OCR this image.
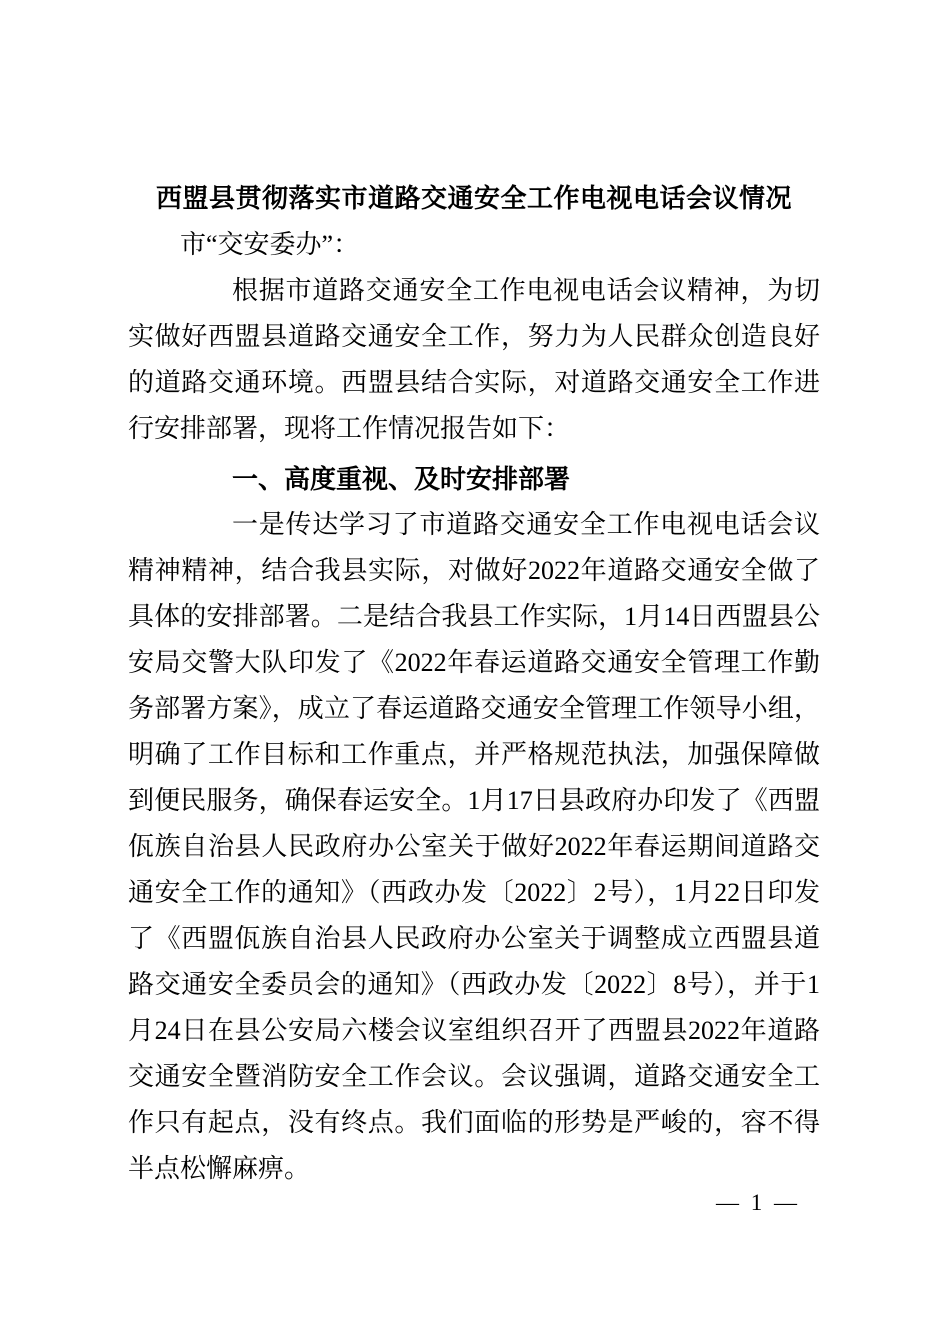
西盟县贯彻落实市道路交通安全工作电视电话会议情况

市“交安委办”：

根据市道路交通安全工作电视电话会议精神，为切实做好西盟县道路交通安全工作，努力为人民群众创造良好的道路交通环境。西盟县结合实际，对道路交通安全工作进行安排部署，现将工作情况报告如下：

一、高度重视、及时安排部署

一是传达学习了市道路交通安全工作电视电话会议精神精神，结合我县实际，对做好2022年道路交通安全做了具体的安排部署。二是结合我县工作实际，1月14日西盟县公安局交警大队印发了《2022年春运道路交通安全管理工作勤务部署方案》，成立了春运道路交通安全管理工作领导小组，明确了工作目标和工作重点，并严格规范执法，加强保障做到便民服务，确保春运安全。1月17日县政府办印发了《西盟佤族自治县人民政府办公室关于做好2022年春运期间道路交通安全工作的通知》（西政办发〔2022〕2号），1月22日印发了《西盟佤族自治县人民政府办公室关于调整成立西盟县道路交通安全委员会的通知》（西政办发〔2022〕8号），并于1月24日在县公安局六楼会议室组织召开了西盟县2022年道路交通安全暨消防安全工作会议。会议强调，道路交通安全工作只有起点，没有终点。我们面临的形势是严峻的，容不得半点松懈麻痹。

— 1 —
